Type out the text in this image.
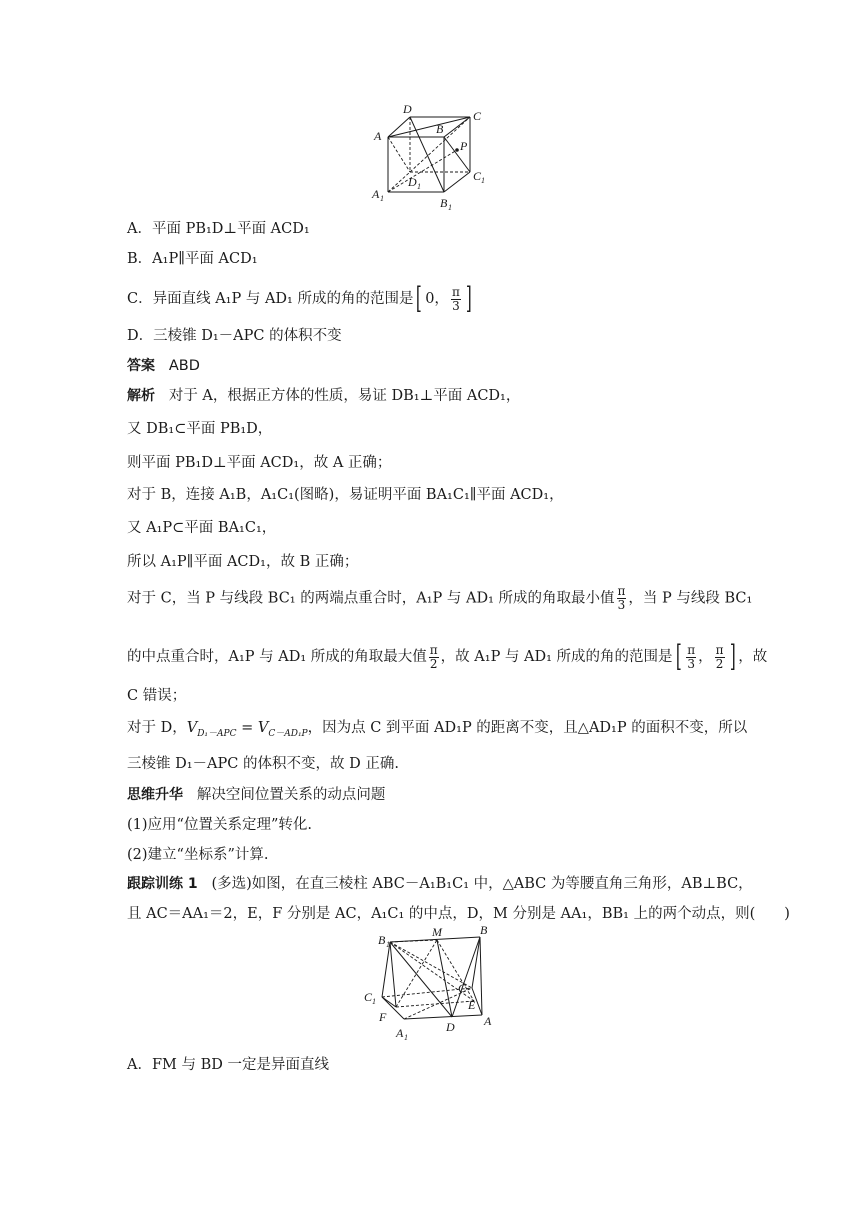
D	C
A	B
P
D 1
C 1
A 1	B 1
A．平面 PB₁D⊥平面 ACD₁
B．A₁P∥平面 ACD₁
C．异面直线 A₁P 与 AD₁ 所成的角的范围是[ 0， $\frac{\pi}{3}$ ]
D．三棱锥 D₁－APC 的体积不变
答案 ABD
解析 对于 A，根据正方体的性质，易证 DB₁⊥平面 ACD₁，
又 DB₁⊂平面 PB₁D，
则平面 PB₁D⊥平面 ACD₁，故 A 正确；
对于 B，连接 A₁B，A₁C₁(图略)，易证明平面 BA₁C₁∥平面 ACD₁，
又 A₁P⊂平面 BA₁C₁，
所以 A₁P∥平面 ACD₁，故 B 正确；
对于 C，当 P 与线段 BC₁ 的两端点重合时，A₁P 与 AD₁ 所成的角取最小值 $\frac{\pi}{3}$ ，当 P 与线段 BC₁
的中点重合时，A₁P 与 AD₁ 所成的角取最大值 $\frac{\pi}{2}$ ，故 A₁P 与 AD₁ 所成的角的范围是[ $\frac{\pi}{3}$ ， $\frac{\pi}{2}$ ] ，故
C 错误；
对于 D，$V_{D_1-APC} = V_{C-AD_1P}$，因为点 C 到平面 AD₁P 的距离不变，且△AD₁P 的面积不变，所以
三棱锥 D₁－APC 的体积不变，故 D 正确.
思维升华 解决空间位置关系的动点问题
(1)应用“位置关系定理”转化.
(2)建立“坐标系”计算.
跟踪训练 1 (多选)如图，在直三棱柱 ABC－A₁B₁C₁ 中，△ABC 为等腰直角三角形，AB⊥BC，
且 AC＝AA₁＝2，E，F 分别是 AC，A₁C₁ 的中点，D，M 分别是 AA₁，BB₁ 上的两个动点，则(　　)
B 1
M	B
C 1
C
F
E
D A
A 1
A．FM 与 BD 一定是异面直线
